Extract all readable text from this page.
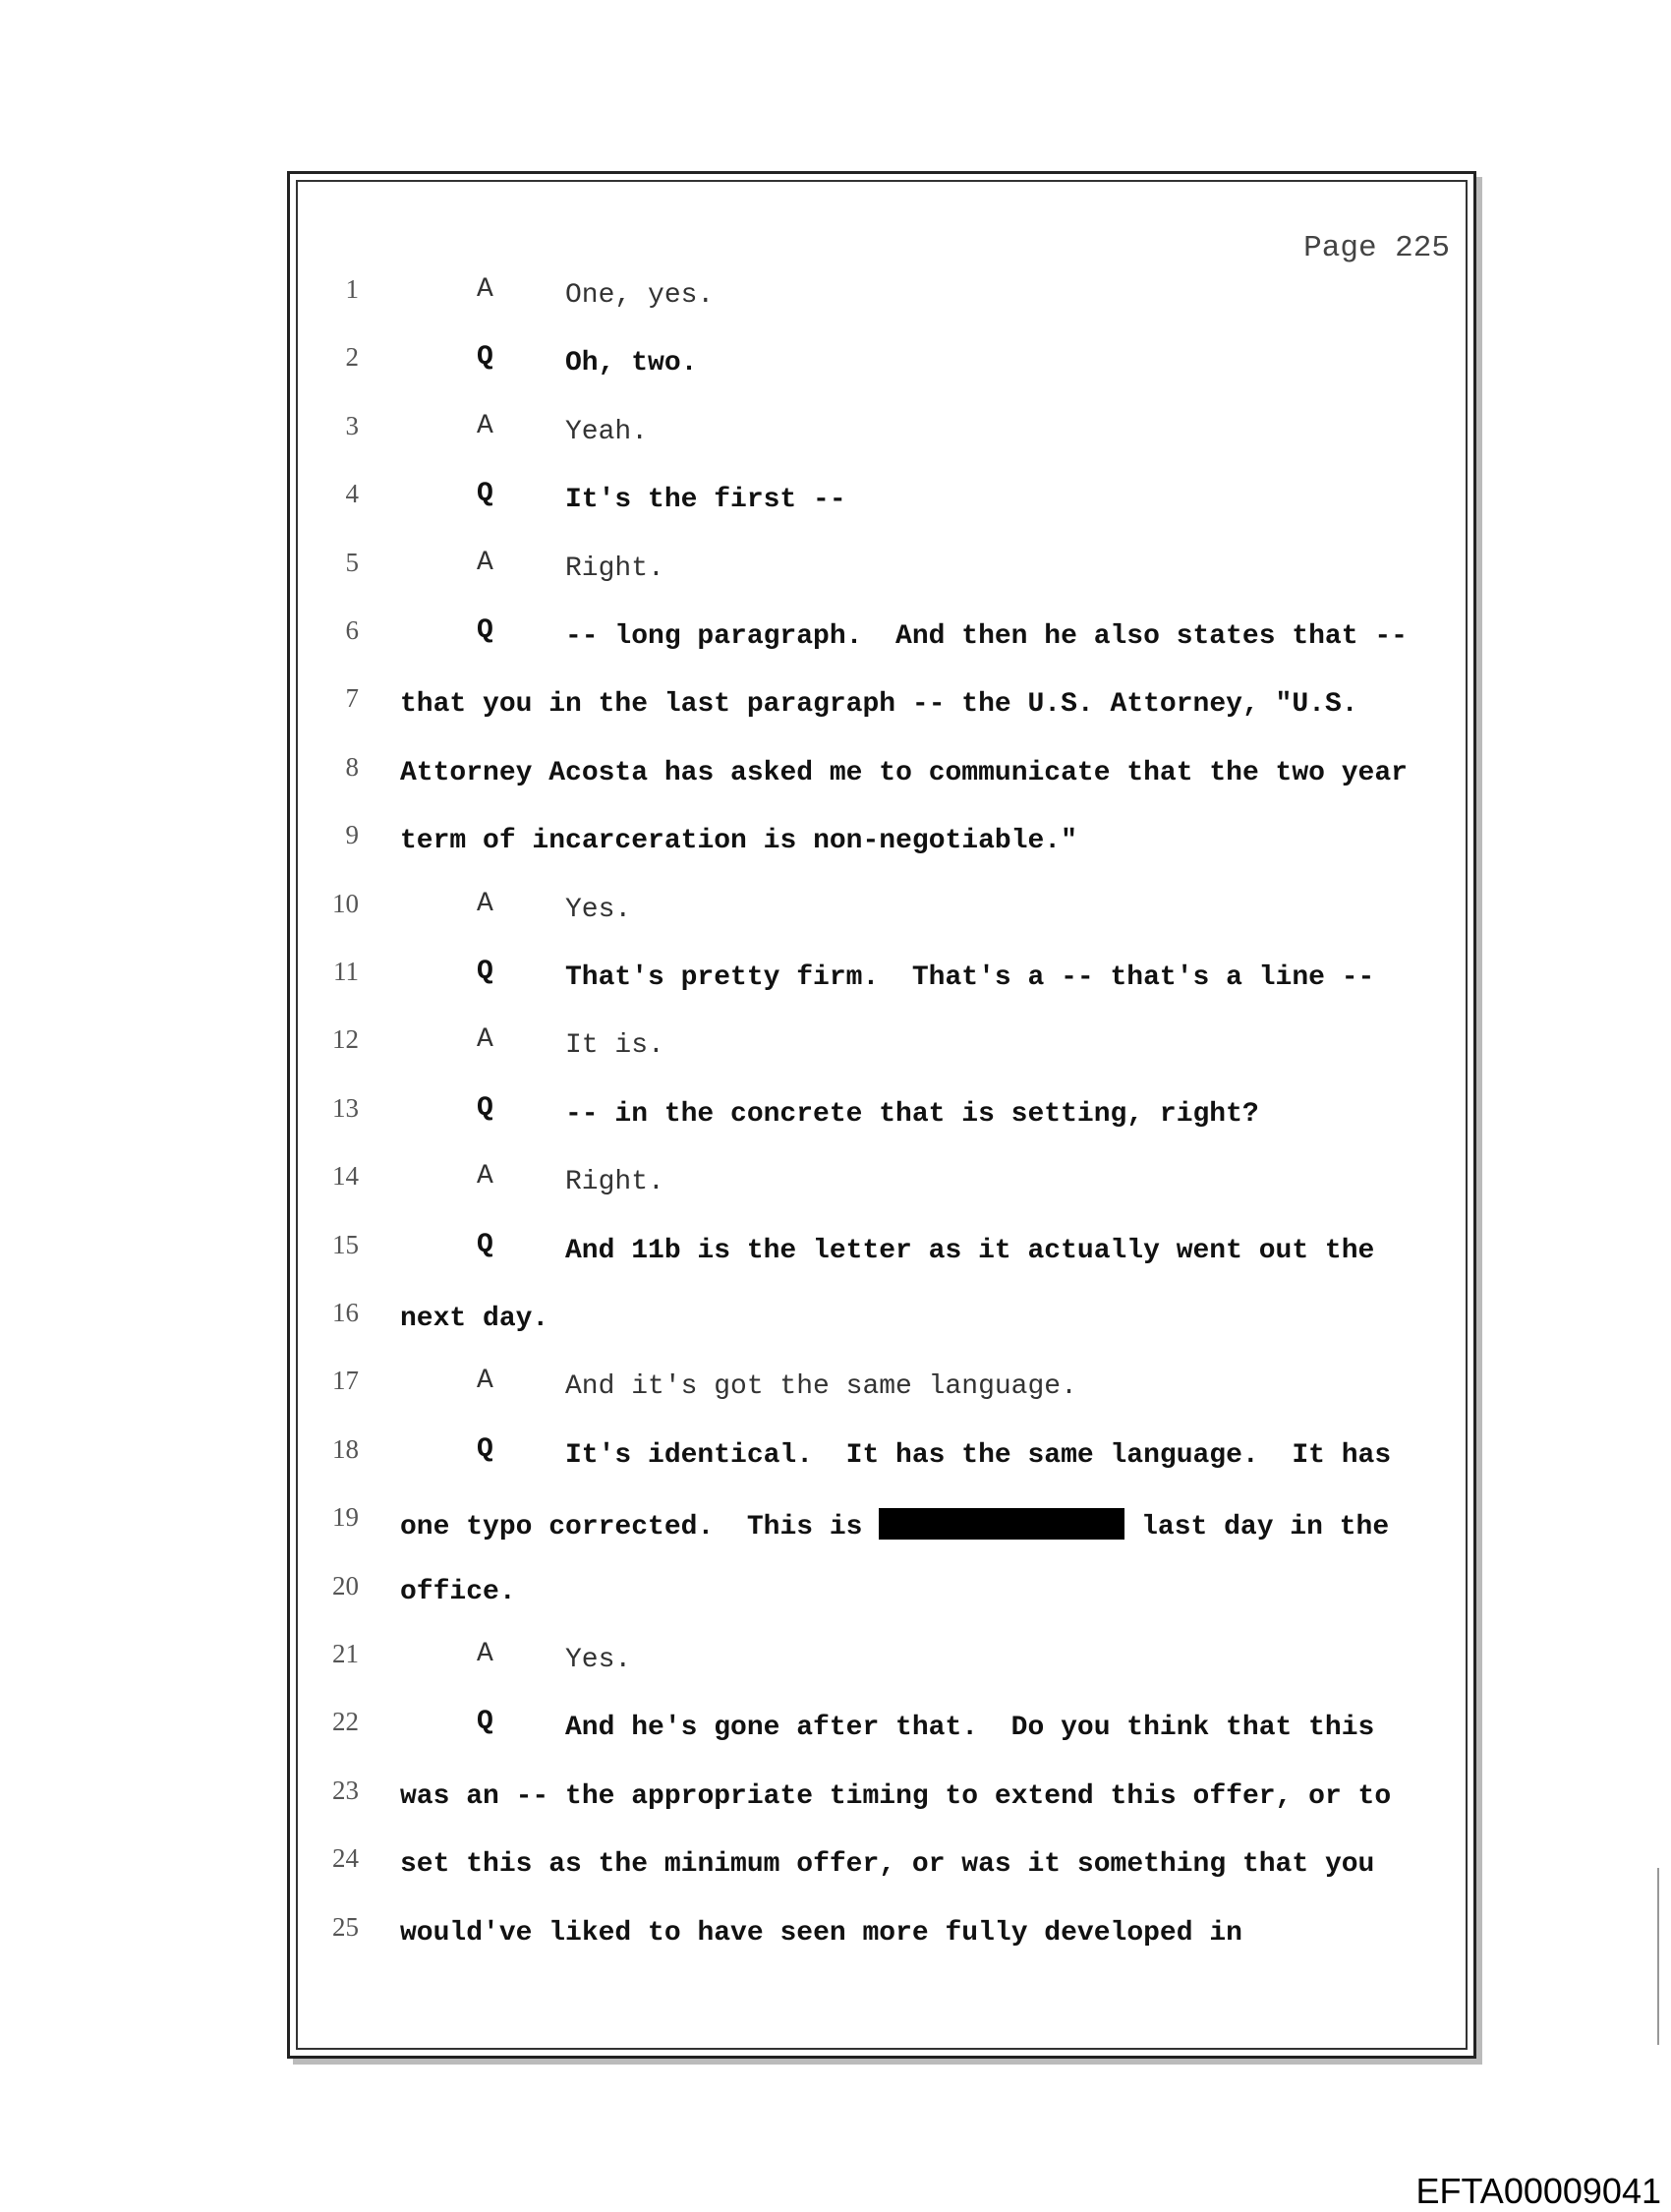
Page 225
1	A	One, yes.
2	Q	Oh, two.
3	A	Yeah.
4	Q	It's the first --
5	A	Right.
6	Q	-- long paragraph.  And then he also states that --
7 that you in the last paragraph -- the U.S. Attorney, "U.S.
8 Attorney Acosta has asked me to communicate that the two year
9 term of incarceration is non-negotiable."
10	A	Yes.
11	Q	That's pretty firm.  That's a -- that's a line --
12	A	It is.
13	Q	-- in the concrete that is setting, right?
14	A	Right.
15	Q	And 11b is the letter as it actually went out the
16 next day.
17	A	And it's got the same language.
18	Q	It's identical.  It has the same language.  It has
19 one typo corrected.  This is	last day in the
20 office.
21	A	Yes.
22	Q	And he's gone after that.  Do you think that this
23 was an -- the appropriate timing to extend this offer, or to
24 set this as the minimum offer, or was it something that you
25 would've liked to have seen more fully developed in
EFTA00009041
